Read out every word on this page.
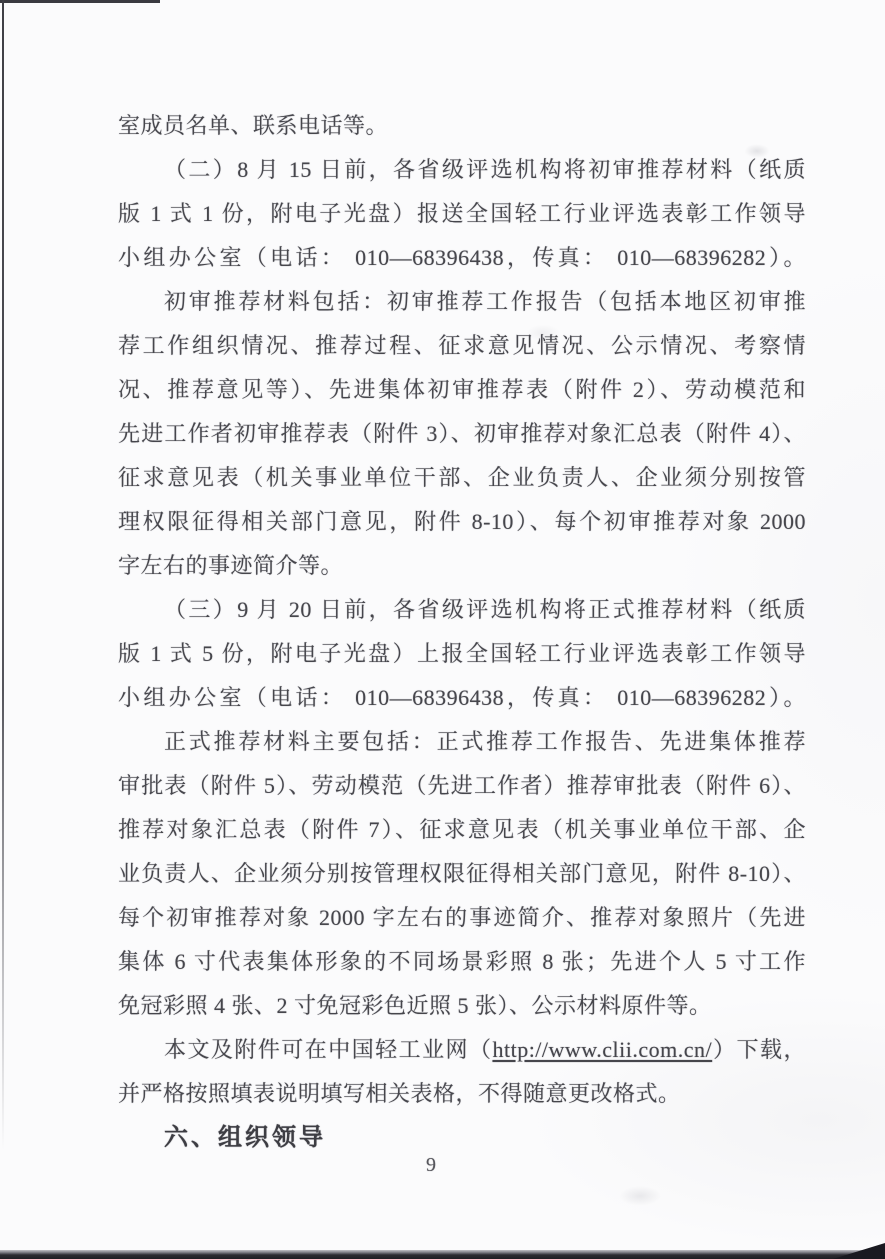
室成员名单、联系电话等。
（二）8 月 15 日前，各省级评选机构将初审推荐材料（纸质
版 1 式 1 份，附电子光盘）报送全国轻工行业评选表彰工作领导
小组办公室（电话： 010—68396438，传真： 010—68396282）。
初审推荐材料包括：初审推荐工作报告（包括本地区初审推
荐工作组织情况、推荐过程、征求意见情况、公示情况、考察情
况、推荐意见等）、先进集体初审推荐表（附件 2）、劳动模范和
先进工作者初审推荐表（附件 3）、初审推荐对象汇总表（附件 4）、
征求意见表（机关事业单位干部、企业负责人、企业须分别按管
理权限征得相关部门意见，附件 8-10）、每个初审推荐对象 2000
字左右的事迹简介等。
（三）9 月 20 日前，各省级评选机构将正式推荐材料（纸质
版 1 式 5 份，附电子光盘）上报全国轻工行业评选表彰工作领导
小组办公室（电话： 010—68396438，传真： 010—68396282）。
正式推荐材料主要包括：正式推荐工作报告、先进集体推荐
审批表（附件 5）、劳动模范（先进工作者）推荐审批表（附件 6）、
推荐对象汇总表（附件 7）、征求意见表（机关事业单位干部、企
业负责人、企业须分别按管理权限征得相关部门意见，附件 8-10）、
每个初审推荐对象 2000 字左右的事迹简介、推荐对象照片（先进
集体 6 寸代表集体形象的不同场景彩照 8 张；先进个人 5 寸工作
免冠彩照 4 张、2 寸免冠彩色近照 5 张）、公示材料原件等。
本文及附件可在中国轻工业网（http://www.clii.com.cn/）下载，
并严格按照填表说明填写相关表格，不得随意更改格式。
六、组织领导
9
